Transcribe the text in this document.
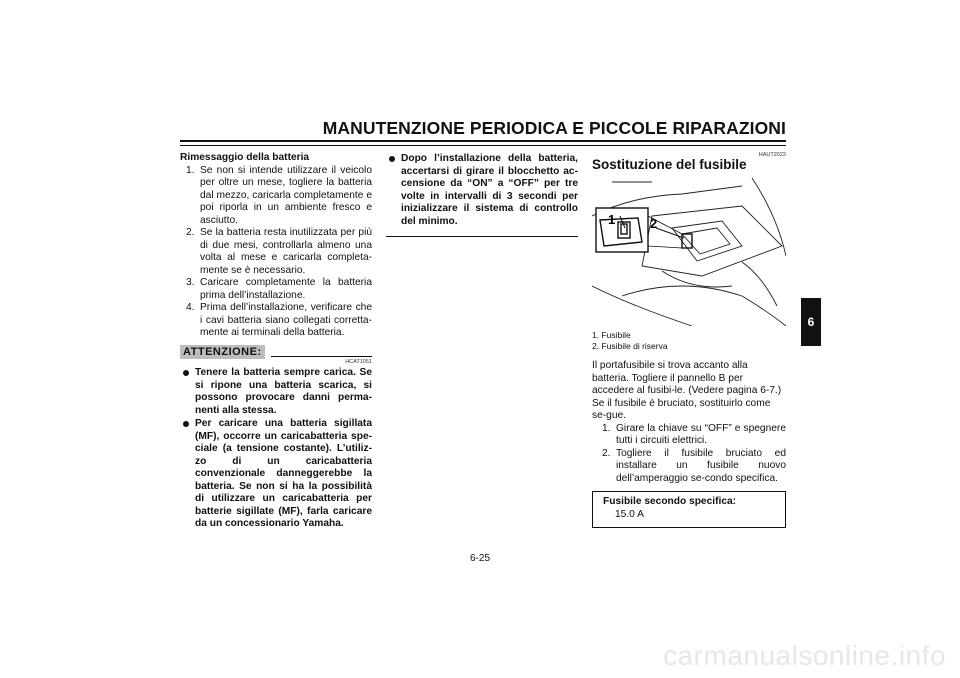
MANUTENZIONE PERIODICA E PICCOLE RIPARAZIONI
Rimessaggio della batteria
1. Se non si intende utilizzare il veicolo per oltre un mese, togliere la batteria dal mezzo, caricarla completamente e poi riporla in un ambiente fresco e asciutto.
2. Se la batteria resta inutilizzata per più di due mesi, controllarla almeno una volta al mese e caricarla completa-mente se è necessario.
3. Caricare completamente la batteria prima dell’installazione.
4. Prima dell’installazione, verificare che i cavi batteria siano collegati corretta-mente ai terminali della batteria.
ATTENZIONE:
HCAT1051
Tenere la batteria sempre carica. Se si ripone una batteria scarica, si possono provocare danni perma-nenti alla stessa.
Per caricare una batteria sigillata (MF), occorre un caricabatteria spe-ciale (a tensione costante). L’utiliz-zo di un caricabatteria convenzionale danneggerebbe la batteria. Se non si ha la possibilità di utilizzare un caricabatteria per batterie sigillate (MF), farla caricare da un concessionario Yamaha.
Dopo l’installazione della batteria, accertarsi di girare il blocchetto ac-censione da “ON” a “OFF” per tre volte in intervalli di 3 secondi per inizializzare il sistema di controllo del minimo.
HAUT2022
Sostituzione del fusibile
1	2
1. Fusibile
2. Fusibile di riserva
Il portafusibile si trova accanto alla batteria. Togliere il pannello B per accedere al fusibi-le. (Vedere pagina 6-7.)
Se il fusibile è bruciato, sostituirlo come se-gue.
1. Girare la chiave su “OFF” e spegnere tutti i circuiti elettrici.
2. Togliere il fusibile bruciato ed installare un fusibile nuovo dell’amperaggio se-condo specifica.
Fusibile secondo specifica:
15.0 A
6
6-25
carmanualsonline.info
